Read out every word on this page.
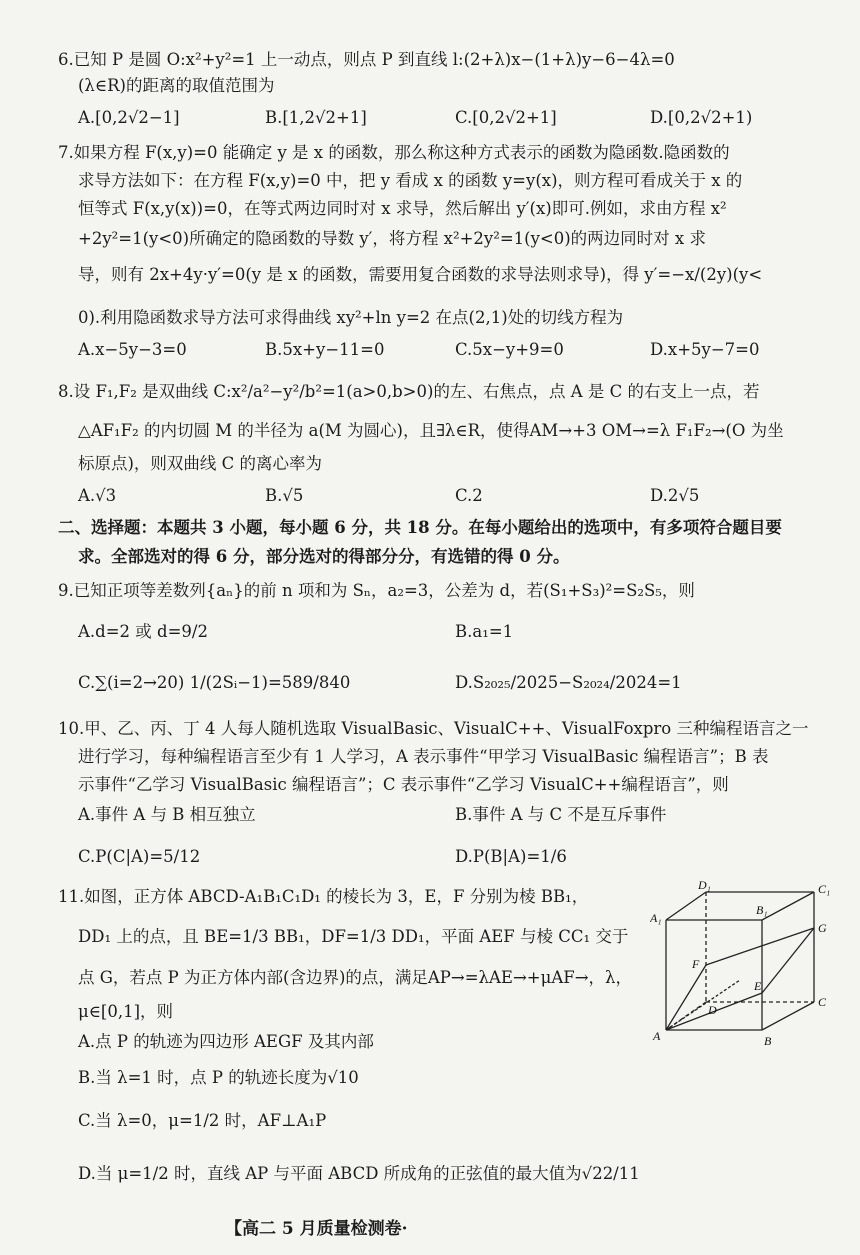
6.已知 P 是圆 O:x²+y²=1 上一动点，则点 P 到直线 l:(2+λ)x−(1+λ)y−6−4λ=0
(λ∈R)的距离的取值范围为
A.[0,2√2−1]	B.[1,2√2+1]	C.[0,2√2+1]	D.[0,2√2+1)
7.如果方程 F(x,y)=0 能确定 y 是 x 的函数，那么称这种方式表示的函数为隐函数.隐函数的
求导方法如下：在方程 F(x,y)=0 中，把 y 看成 x 的函数 y=y(x)，则方程可看成关于 x 的
恒等式 F(x,y(x))=0，在等式两边同时对 x 求导，然后解出 y′(x)即可.例如，求由方程 x²
+2y²=1(y<0)所确定的隐函数的导数 y′，将方程 x²+2y²=1(y<0)的两边同时对 x 求
导，则有 2x+4y·y′=0(y 是 x 的函数，需要用复合函数的求导法则求导)，得 y′=−x/(2y)(y<
0).利用隐函数求导方法可求得曲线 xy²+ln y=2 在点(2,1)处的切线方程为
A.x−5y−3=0	B.5x+y−11=0	C.5x−y+9=0	D.x+5y−7=0
8.设 F₁,F₂ 是双曲线 C:x²/a²−y²/b²=1(a>0,b>0)的左、右焦点，点 A 是 C 的右支上一点，若
△AF₁F₂ 的内切圆 M 的半径为 a(M 为圆心)，且∃λ∈R，使得AM→+3 OM→=λ F₁F₂→(O 为坐
标原点)，则双曲线 C 的离心率为
A.√3	B.√5	C.2	D.2√5
二、选择题：本题共 3 小题，每小题 6 分，共 18 分。在每小题给出的选项中，有多项符合题目要
求。全部选对的得 6 分，部分选对的得部分分，有选错的得 0 分。
9.已知正项等差数列{aₙ}的前 n 项和为 Sₙ，a₂=3，公差为 d，若(S₁+S₃)²=S₂S₅，则
A.d=2 或 d=9/2	B.a₁=1
C.∑(i=2→20) 1/(2Sᵢ−1)=589/840	D.S₂₀₂₅/2025−S₂₀₂₄/2024=1
10.甲、乙、丙、丁 4 人每人随机选取 VisualBasic、VisualC++、VisualFoxpro 三种编程语言之一
进行学习，每种编程语言至少有 1 人学习，A 表示事件“甲学习 VisualBasic 编程语言”；B 表
示事件“乙学习 VisualBasic 编程语言”；C 表示事件“乙学习 VisualC++编程语言”，则
A.事件 A 与 B 相互独立	B.事件 A 与 C 不是互斥事件
C.P(C|A)=5/12	D.P(B|A)=1/6
11.如图，正方体 ABCD-A₁B₁C₁D₁ 的棱长为 3，E，F 分别为棱 BB₁，
DD₁ 上的点，且 BE=1/3 BB₁，DF=1/3 DD₁，平面 AEF 与棱 CC₁ 交于
点 G，若点 P 为正方体内部(含边界)的点，满足AP→=λAE→+μAF→，λ，
μ∈[0,1]，则
A.点 P 的轨迹为四边形 AEGF 及其内部
B.当 λ=1 时，点 P 的轨迹长度为√10
C.当 λ=0，μ=1/2 时，AF⊥A₁P
D.当 μ=1/2 时，直线 AP 与平面 ABCD 所成角的正弦值的最大值为√22/11
D₁	C₁
A₁
B₁
G
F
E
D
C
A	B
【高二 5 月质量检测卷·
